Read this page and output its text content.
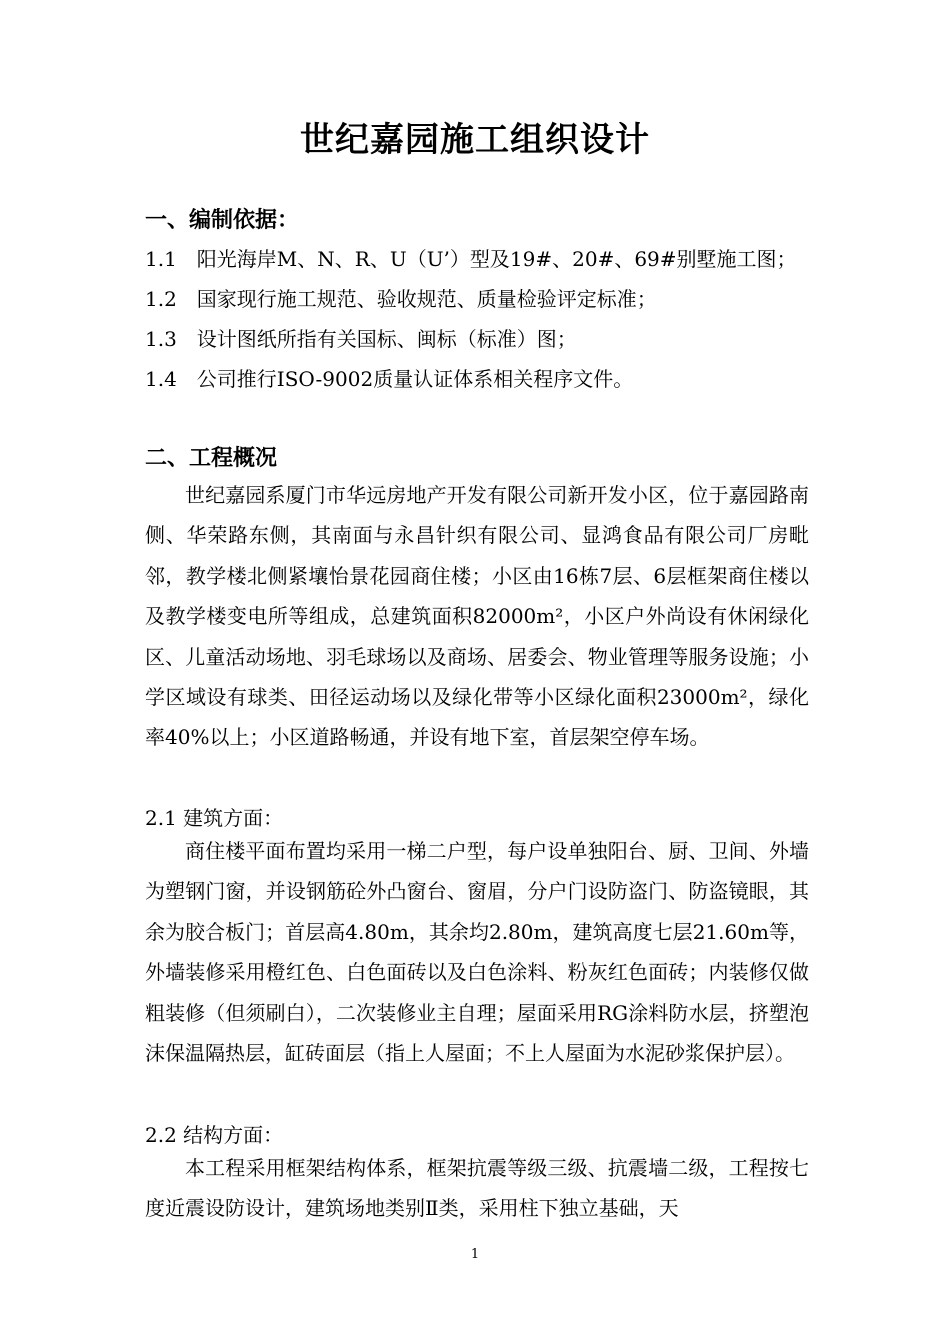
世纪嘉园施工组织设计
一、编制依据：
1.1　阳光海岸M、N、R、U（U’）型及19#、20#、69#别墅施工图；
1.2　国家现行施工规范、验收规范、质量检验评定标准；
1.3　设计图纸所指有关国标、闽标（标准）图；
1.4　公司推行ISO-9002质量认证体系相关程序文件。
二、工程概况

世纪嘉园系厦门市华远房地产开发有限公司新开发小区，位于嘉园路南侧、华荣路东侧，其南面与永昌针织有限公司、显鸿食品有限公司厂房毗邻，教学楼北侧紧壤怡景花园商住楼；小区由16栋7层、6层框架商住楼以及教学楼变电所等组成，总建筑面积82000m²，小区户外尚设有休闲绿化区、儿童活动场地、羽毛球场以及商场、居委会、物业管理等服务设施；小学区域设有球类、田径运动场以及绿化带等小区绿化面积23000m²，绿化率40%以上；小区道路畅通，并设有地下室，首层架空停车场。

2.1 建筑方面：

商住楼平面布置均采用一梯二户型，每户设单独阳台、厨、卫间、外墙为塑钢门窗，并设钢筋砼外凸窗台、窗眉，分户门设防盗门、防盗镜眼，其余为胶合板门；首层高4.80m，其余均2.80m，建筑高度七层21.60m等，外墙装修采用橙红色、白色面砖以及白色涂料、粉灰红色面砖；内装修仅做粗装修（但须刷白），二次装修业主自理；屋面采用RG涂料防水层，挤塑泡沫保温隔热层，缸砖面层（指上人屋面；不上人屋面为水泥砂浆保护层）。

2.2 结构方面：

本工程采用框架结构体系，框架抗震等级三级、抗震墙二级，工程按七度近震设防设计，建筑场地类别Ⅱ类，采用柱下独立基础，天

1
